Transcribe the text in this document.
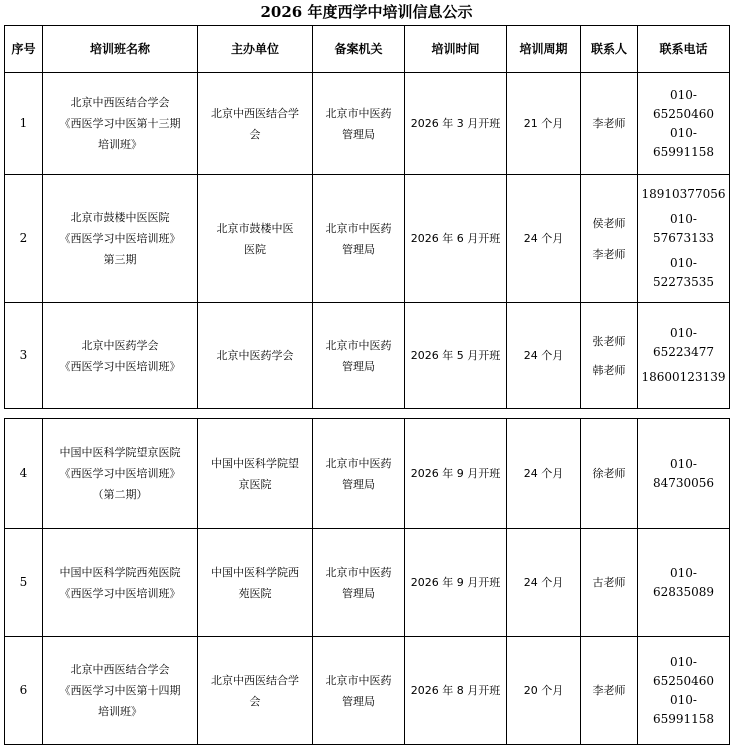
2026 年度西学中培训信息公示
序号	培训班名称	主办单位	备案机关	培训时间	培训周期	联系人	联系电话
1	北京中西医结合学会
《西医学习中医第十三期
培训班》	北京中西医结合学
会	北京市中医药
管理局	2026 年 3 月开班	21 个月	李老师	010-65250460
010-65991158

2	北京市鼓楼中医医院
《西医学习中医培训班》
第三期	北京市鼓楼中医
医院	北京市中医药
管理局	2026 年 6 月开班	24 个月	侯老师
李老师	18910377056
010-57673133
010-52273535

3	北京中医药学会
《西医学习中医培训班》	北京中医药学会	北京市中医药
管理局	2026 年 5 月开班	24 个月	张老师
韩老师	010-65223477
18600123139
4	中国中医科学院望京医院
《西医学习中医培训班》
（第二期）	中国中医科学院望
京医院	北京市中医药
管理局	2026 年 9 月开班	24 个月	徐老师	010-84730056

5	中国中医科学院西苑医院
《西医学习中医培训班》	中国中医科学院西
苑医院	北京市中医药
管理局	2026 年 9 月开班	24 个月	古老师	010-62835089

6	北京中西医结合学会
《西医学习中医第十四期
培训班》	北京中西医结合学
会	北京市中医药
管理局	2026 年 8 月开班	20 个月	李老师	010-65250460
010-65991158
